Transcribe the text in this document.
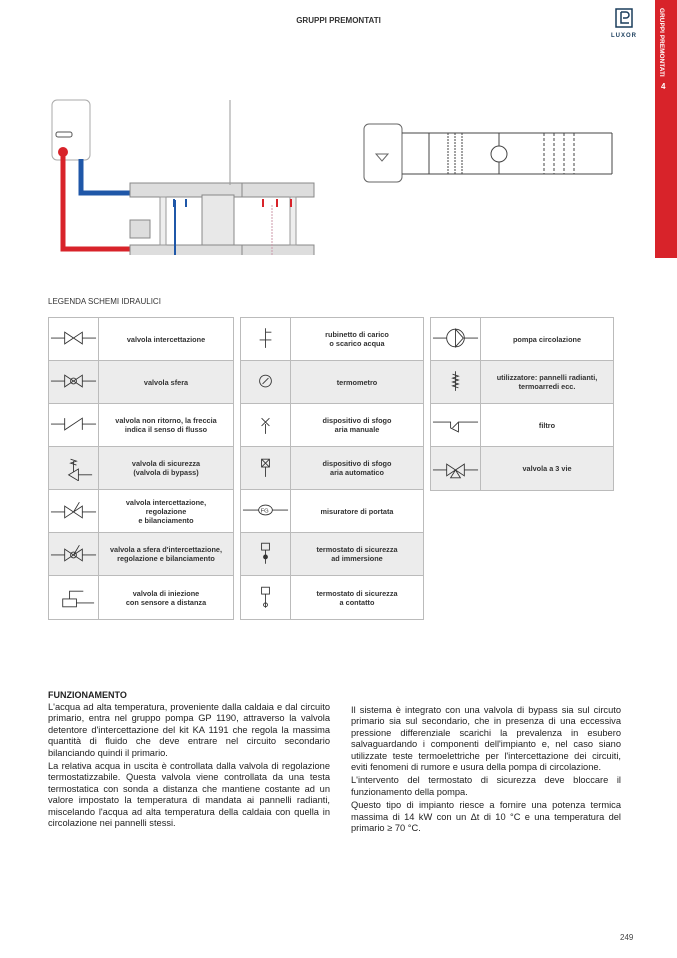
GRUPPI PREMONTATI
LUXOR	GRUPPI PREMONTATI
4
LEGENDA SCHEMI IDRAULICI
valvola intercettazione
valvola sfera
valvola non ritorno, la freccia
indica il senso di flusso
valvola di sicurezza
(valvola di bypass)
valvola intercettazione,
regolazione
e bilanciamento
valvola a sfera d'intercettazione,
regolazione e bilanciamento
valvola di iniezione
con sensore a distanza
rubinetto di carico
o scarico acqua
termometro
dispositivo di sfogo
aria manuale
dispositivo di sfogo
aria automatico
FG	misuratore di portata
termostato di sicurezza
ad immersione
termostato di sicurezza
a contatto
pompa circolazione
utilizzatore: pannelli radianti,
termoarredi ecc.
filtro
valvola a 3 vie
FUNZIONAMENTO

L'acqua ad alta temperatura, proveniente dalla caldaia e dal circuito primario, entra nel gruppo pompa GP 1190, attraverso la valvola detentore d'intercettazione del kit KA 1191 che regola la massima quantità di fluido che deve entrare nel circuito secondario bilanciando quindi il primario.

La relativa acqua in uscita è controllata dalla valvola di regolazione termostatizzabile. Questa valvola viene controllata da una testa termostatica con sonda a distanza che mantiene costante ad un valore impostato la temperatura di mandata ai pannelli radianti, miscelando l'acqua ad alta temperatura della caldaia con quella in circolazione nei pannelli stessi.

Il sistema è integrato con una valvola di bypass sia sul circuto primario sia sul secondario, che in presenza di una eccessiva pressione differenziale scarichi la prevalenza in esubero salvaguardando i componenti dell'impianto e, nel caso siano utilizzate teste termoelettriche per l'intercettazione dei circuiti, eviti fenomeni di rumore e usura della pompa di circolazione.

L'intervento del termostato di sicurezza deve bloccare il funzionamento della pompa.

Questo tipo di impianto riesce a fornire una potenza termica massima di 14 kW con un Δt di 10 °C e una temperatura del primario ≥ 70 °C.

249
